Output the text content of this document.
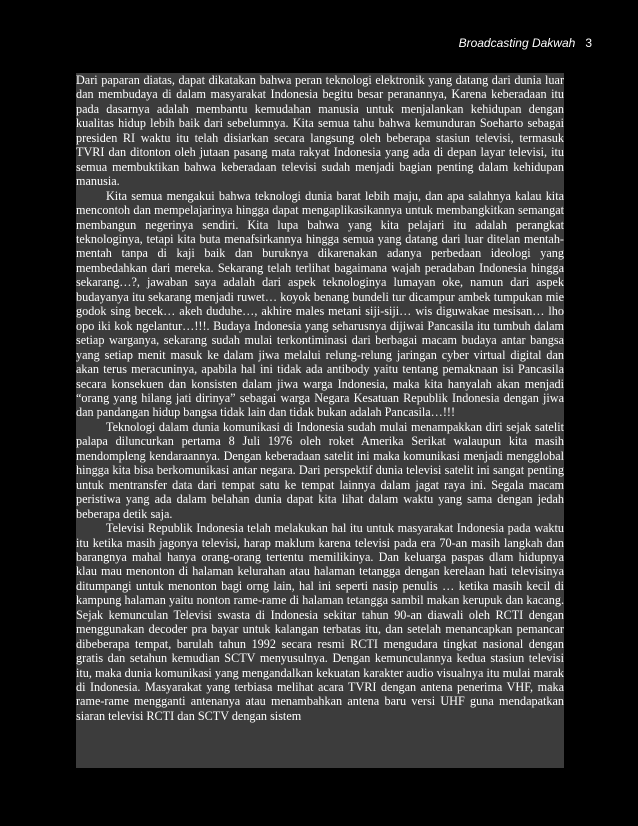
Broadcasting Dakwah 3

Dari paparan diatas, dapat dikatakan bahwa peran teknologi elektronik yang datang dari dunia luar dan membudaya di dalam masyarakat Indonesia begitu besar peranannya, Karena keberadaan itu pada dasarnya adalah membantu kemudahan manusia untuk menjalankan kehidupan dengan kualitas hidup lebih baik dari sebelumnya. Kita semua tahu bahwa kemunduran Soeharto sebagai presiden RI waktu itu telah disiarkan secara langsung oleh beberapa stasiun televisi, termasuk TVRI dan ditonton oleh jutaan pasang mata rakyat Indonesia yang ada di depan layar televisi, itu semua membuktikan bahwa keberadaan televisi sudah menjadi bagian penting dalam kehidupan manusia.

Kita semua mengakui bahwa teknologi dunia barat lebih maju, dan apa salahnya kalau kita mencontoh dan mempelajarinya hingga dapat mengaplikasikannya untuk membangkitkan semangat membangun negerinya sendiri. Kita lupa bahwa yang kita pelajari itu adalah perangkat teknologinya, tetapi kita buta menafsirkannya hingga semua yang datang dari luar ditelan mentah-mentah tanpa di kaji baik dan buruknya dikarenakan adanya perbedaan ideologi yang membedahkan dari mereka. Sekarang telah terlihat bagaimana wajah peradaban Indonesia hingga sekarang…?, jawaban saya adalah dari aspek teknologinya lumayan oke, namun dari aspek budayanya itu sekarang menjadi ruwet… koyok benang bundeli tur dicampur ambek tumpukan mie godok sing becek… akeh duduhe…, akhire males metani siji-siji… wis diguwakae mesisan… lho opo iki kok ngelantur…!!!. Budaya Indonesia yang seharusnya dijiwai Pancasila itu tumbuh dalam setiap warganya, sekarang sudah mulai terkontiminasi dari berbagai macam budaya antar bangsa yang setiap menit masuk ke dalam jiwa melalui relung-relung jaringan cyber virtual digital dan akan terus meracuninya, apabila hal ini tidak ada antibody yaitu tentang pemaknaan isi Pancasila secara konsekuen dan konsisten dalam jiwa warga Indonesia, maka kita hanyalah akan menjadi “orang yang hilang jati dirinya” sebagai warga Negara Kesatuan Republik Indonesia dengan jiwa dan pandangan hidup bangsa tidak lain dan tidak bukan adalah Pancasila…!!!

Teknologi dalam dunia komunikasi di Indonesia sudah mulai menampakkan diri sejak satelit palapa diluncurkan pertama 8 Juli 1976 oleh roket Amerika Serikat walaupun kita masih mendompleng kendaraannya. Dengan keberadaan satelit ini maka komunikasi menjadi mengglobal hingga kita bisa berkomunikasi antar negara. Dari perspektif dunia televisi satelit ini sangat penting untuk mentransfer data dari tempat satu ke tempat lainnya dalam jagat raya ini. Segala macam peristiwa yang ada dalam belahan dunia dapat kita lihat dalam waktu yang sama dengan jedah beberapa detik saja.

Televisi Republik Indonesia telah melakukan hal itu untuk masyarakat Indonesia pada waktu itu ketika masih jagonya televisi, harap maklum karena televisi pada era 70-an masih langkah dan barangnya mahal hanya orang-orang tertentu memilikinya. Dan keluarga paspas dlam hidupnya klau mau menonton di halaman kelurahan atau halaman tetangga dengan kerelaan hati televisinya ditumpangi untuk menonton bagi orng lain, hal ini seperti nasip penulis … ketika masih kecil di kampung halaman yaitu nonton rame-rame di halaman tetangga sambil makan kerupuk dan kacang. Sejak kemunculan Televisi swasta di Indonesia sekitar tahun 90-an diawali oleh RCTI dengan menggunakan decoder pra bayar untuk kalangan terbatas itu, dan setelah menancapkan pemancar dibeberapa tempat, barulah tahun 1992 secara resmi RCTI mengudara tingkat nasional dengan gratis dan setahun kemudian SCTV menyusulnya. Dengan kemunculannya kedua stasiun televisi itu, maka dunia komunikasi yang mengandalkan kekuatan karakter audio visualnya itu mulai marak di Indonesia. Masyarakat yang terbiasa melihat acara TVRI dengan antena penerima VHF, maka rame-rame mengganti antenanya atau menambahkan antena baru versi UHF guna mendapatkan siaran televisi RCTI dan SCTV dengan sistem
